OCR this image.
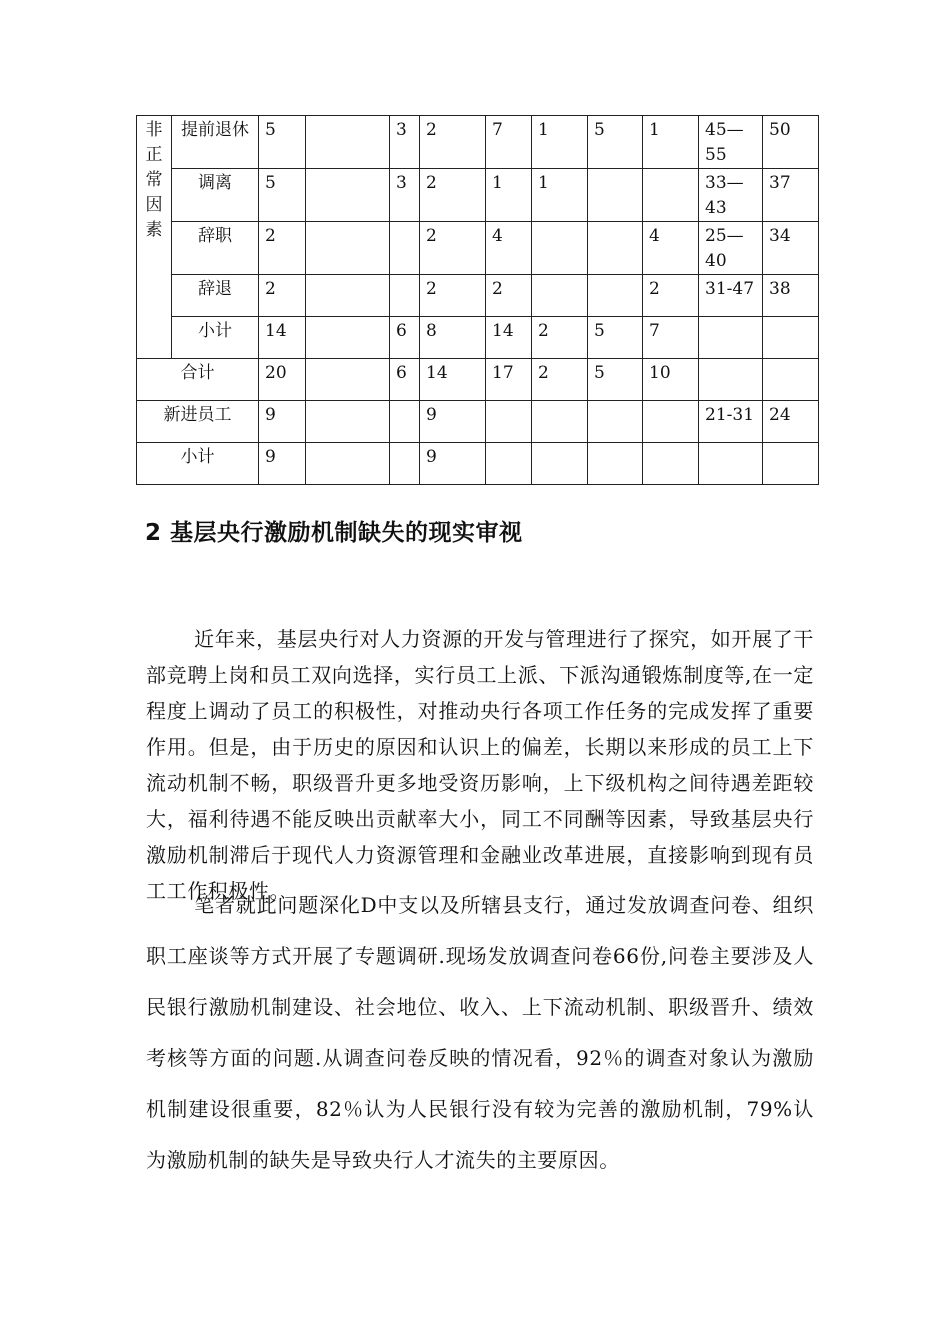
非
正
常
因
素	提前退休	5		3	2	7	1	5	1	45—55	50
	调离	5		3	2	1	1			33—43	37
	辞职	2			2	4			4	25—40	34
	辞退	2			2	2			2	31-47	38
	小计	14		6	8	14	2	5	7		
合计		20		6	14	17	2	5	10		
新进员工		9			9					21-31	24
小计		9			9						
2 基层央行激励机制缺失的现实审视

近年来，基层央行对人力资源的开发与管理进行了探究，如开展了干部竞聘上岗和员工双向选择，实行员工上派、下派沟通锻炼制度等,在一定程度上调动了员工的积极性，对推动央行各项工作任务的完成发挥了重要作用。但是，由于历史的原因和认识上的偏差，长期以来形成的员工上下流动机制不畅，职级晋升更多地受资历影响，上下级机构之间待遇差距较大，福利待遇不能反映出贡献率大小，同工不同酬等因素，导致基层央行激励机制滞后于现代人力资源管理和金融业改革进展，直接影响到现有员工工作积极性。

笔者就此问题深化D中支以及所辖县支行，通过发放调查问卷、组织职工座谈等方式开展了专题调研.现场发放调查问卷66份,问卷主要涉及人民银行激励机制建设、社会地位、收入、上下流动机制、职级晋升、绩效考核等方面的问题.从调查问卷反映的情况看，92％的调查对象认为激励机制建设很重要，82％认为人民银行没有较为完善的激励机制，79%认为激励机制的缺失是导致央行人才流失的主要原因。
